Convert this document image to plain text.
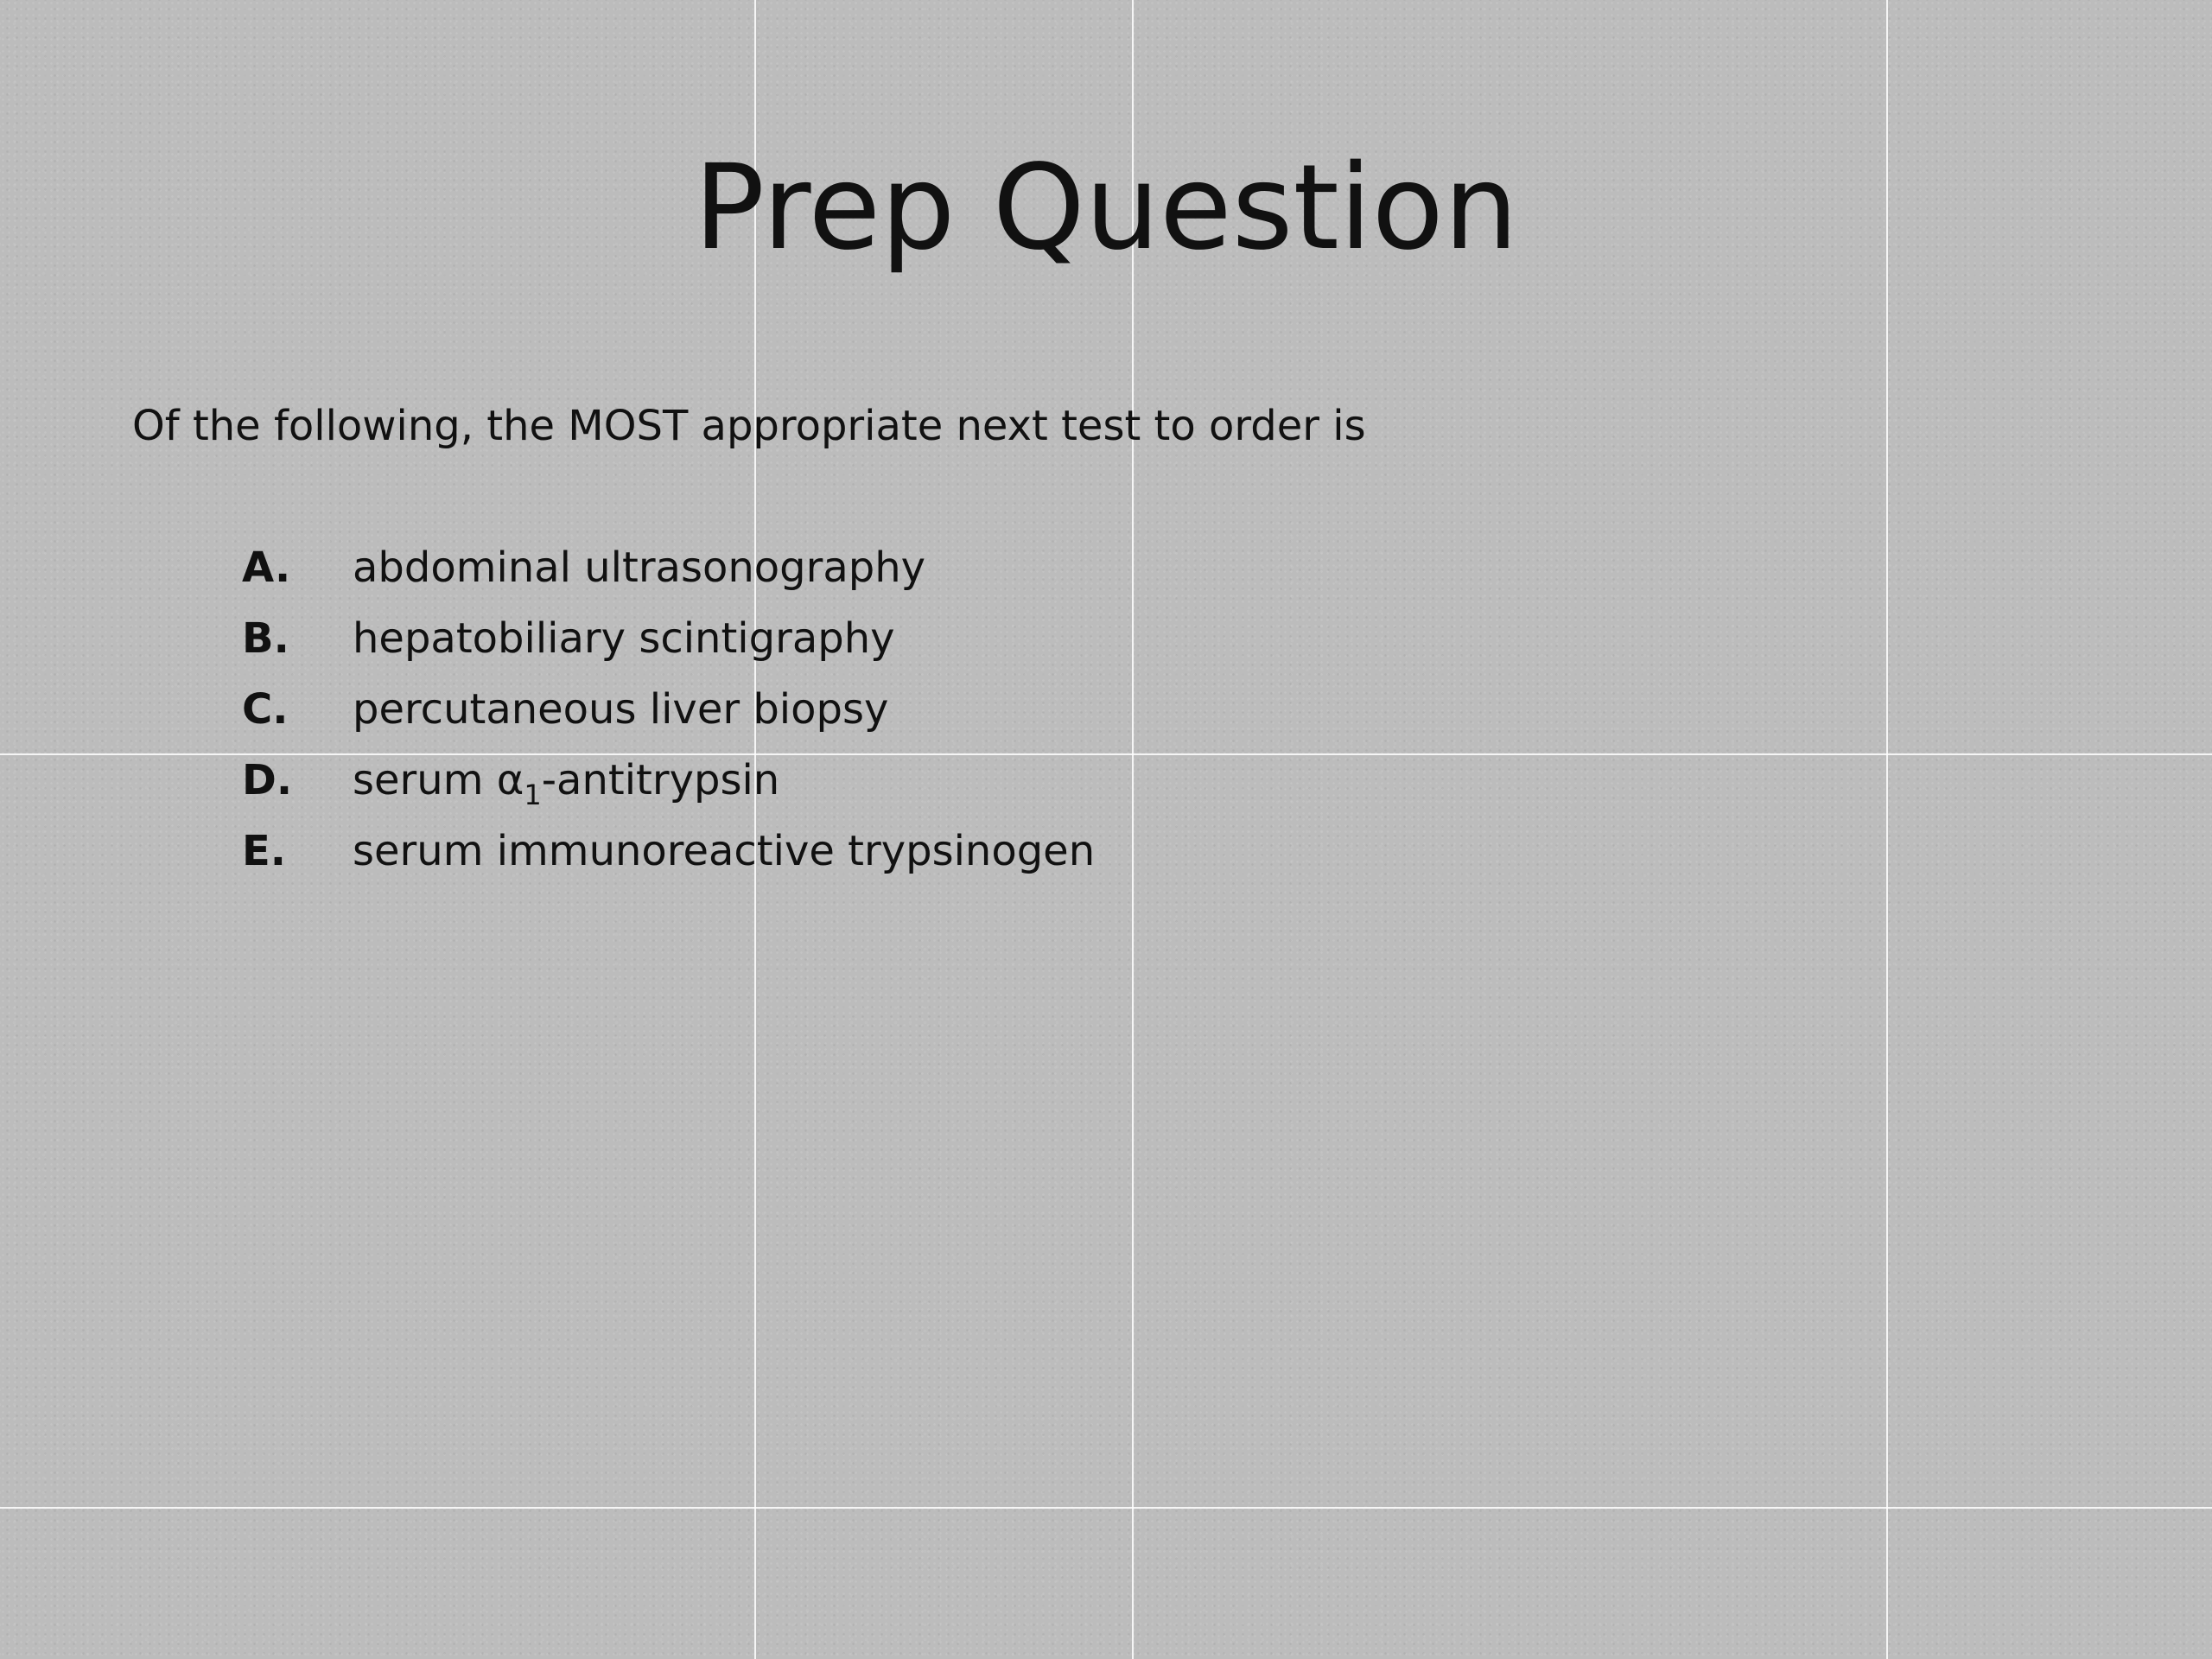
Prep Question
Of the following, the MOST appropriate next test to order is
A.	abdominal ultrasonography
B.	hepatobiliary scintigraphy
C.	percutaneous liver biopsy
D.	serum $\alpha_1$-antitrypsin
E.	serum immunoreactive trypsinogen
